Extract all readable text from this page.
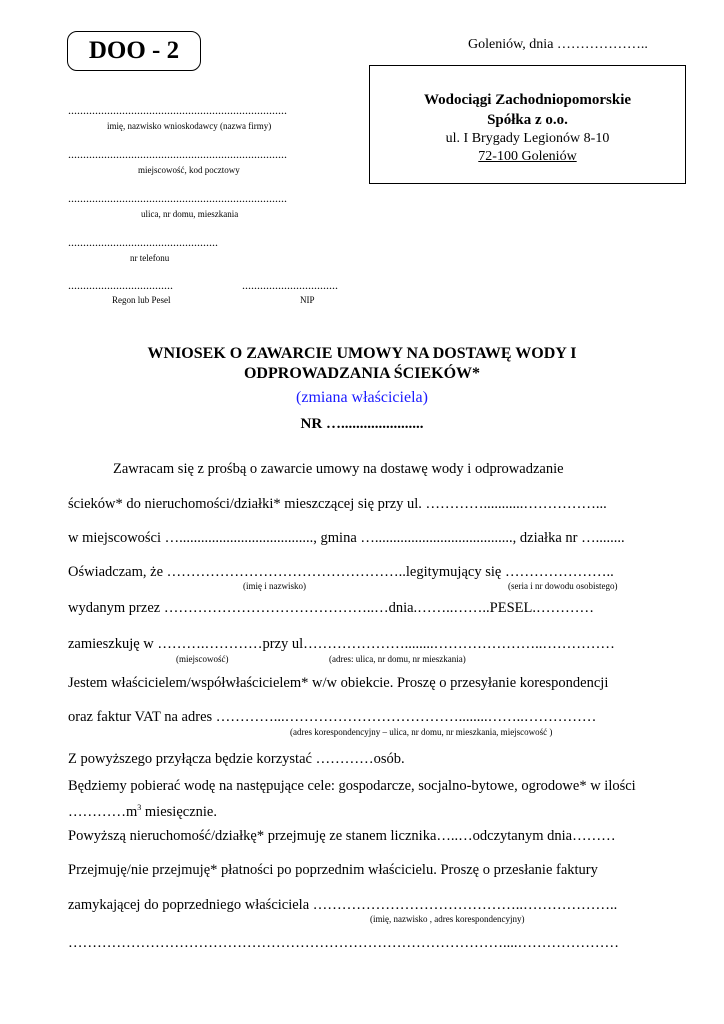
DOO - 2	Goleniów, dnia ………………..
Wodociągi Zachodniopomorskie
Spółka z o.o.
ul. I Brygady Legionów 8-10
72-100 Goleniów
.........................................................................
imię, nazwisko wnioskodawcy (nazwa firmy)
.........................................................................
miejscowość, kod pocztowy
.........................................................................
ulica, nr domu, mieszkania
..................................................
nr telefonu
...................................
Regon lub Pesel
................................
NIP
WNIOSEK O ZAWARCIE UMOWY NA DOSTAWĘ WODY I
ODPROWADZANIA ŚCIEKÓW*
(zmiana właściciela)
NR …......................
Zawracam się z prośbą o zawarcie umowy na dostawę wody i odprowadzanie
ścieków* do nieruchomości/działki* mieszczącej się przy ul. …………...........……………...
w miejscowości …....................................., gmina …......................................, działka nr …........
Oświadczam, że …………………………………………..legitymujący się …………………..
(imię i nazwisko)	(seria i nr dowodu osobistego)
wydanym przez ……………………………………..…dnia.……..……..PESEL.…………
zamieszkuję w ……….…………przy ul…………………........…………………..……………
(miejscowość)	(adres: ulica, nr domu, nr mieszkania)
Jestem właścicielem/współwłaścicielem* w/w obiekcie. Proszę o przesyłanie korespondencji
oraz faktur VAT na adres …………...………………………………........……..……………
(adres korespondencyjny – ulica, nr domu, nr mieszkania, miejscowość )
Z powyższego przyłącza będzie korzystać …………osób.
Będziemy pobierać wodę na następujące cele: gospodarcze, socjalno-bytowe, ogrodowe* w ilości
$\dots\dots\dots\dots m^3$ miesięcznie.
Powyższą nieruchomość/działkę* przejmuję ze stanem licznika…..…odczytanym dnia………
Przejmuję/nie przejmuję* płatności po poprzednim właścicielu. Proszę o przesłanie faktury
zamykającej do poprzedniego właściciela ……………………………………..………………..
(imię, nazwisko , adres korespondencyjny)
………………………………………………………………………………....…………………
